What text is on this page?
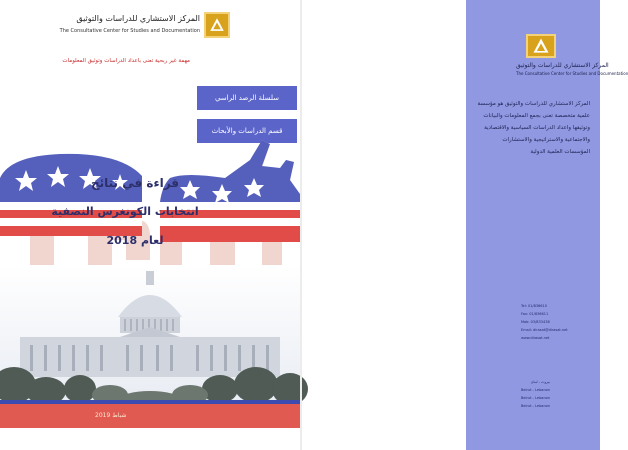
المركز الاستشاري للدراسات والتوثيق
The Consultative Center for Studies and Documentation
مهمة غير ربحية تعنى باعداد الدراسات وتوثيق المعلومات
سلسلة الرصد الراسي
قسم الدراسات والأبحاث
قراءة في نتائج
انتخابات الكونغرس النصفية
لعام 2018
شباط 2019
المركز الاستشاري للدراسات والتوثيق
The Consultative Center for Studies and Documentation
المركز الاستشاري للدراسات والتوثيق هو مؤسسة علمية متخصصة تعنى بجمع المعلومات والبيانات وتوثيقها واعداد الدراسات السياسية والاقتصادية والاجتماعية والاستراتيجية والاستشارات المؤسسات العلمية الدولية
Tel: 01/836610
Fax: 01/836611
Mob: 03/833438
Email: dirasat@dirasat.net
www.dirasat.net
بيروت - لبنان
Beirut - Lebanon
Beirut - Lebanon
Beirut - Lebanon
